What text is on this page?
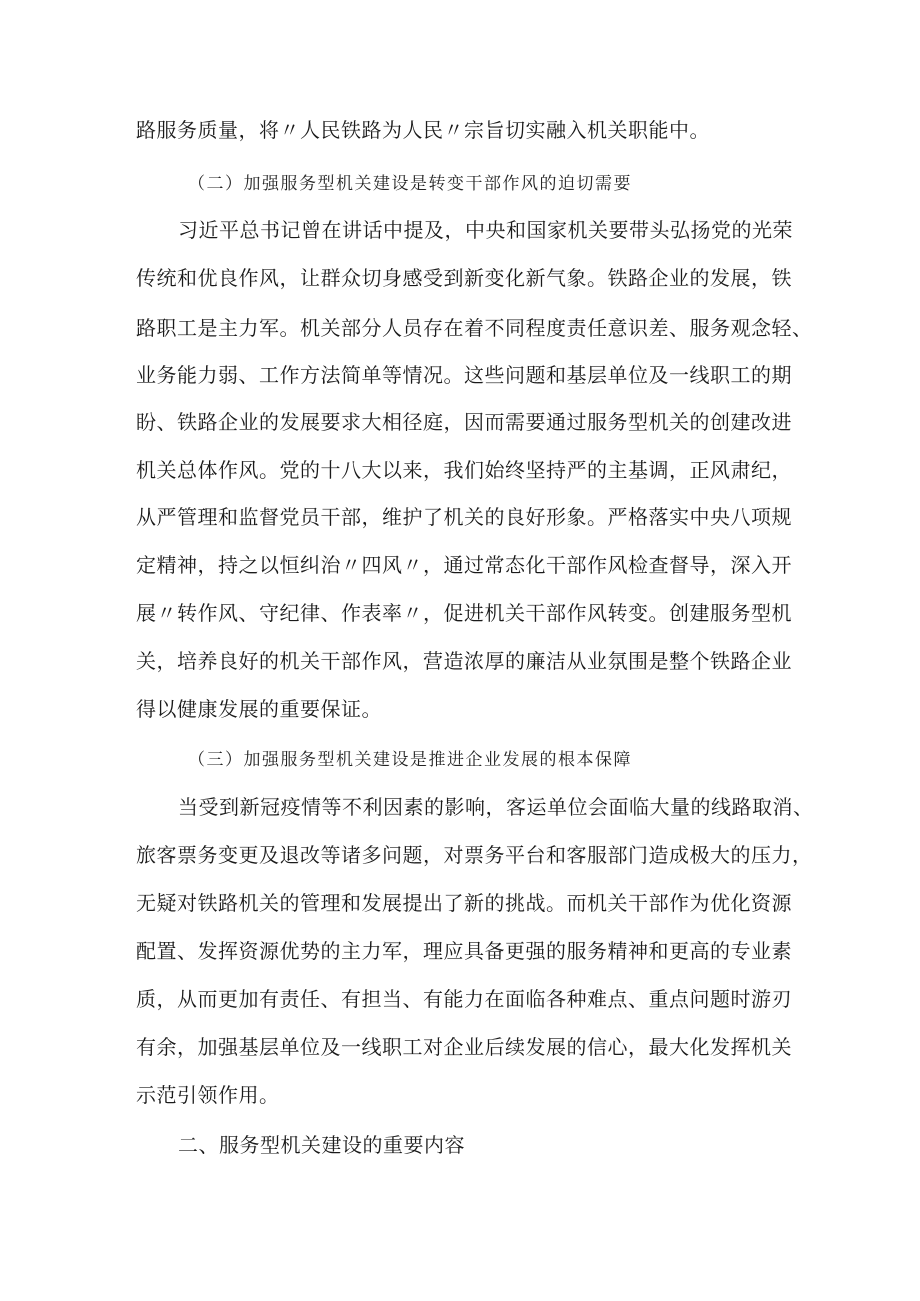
路服务质量，将〃人民铁路为人民〃宗旨切实融入机关职能中。
（二）加强服务型机关建设是转变干部作风的迫切需要
习近平总书记曾在讲话中提及，中央和国家机关要带头弘扬党的光荣
传统和优良作风，让群众切身感受到新变化新气象。铁路企业的发展，铁
路职工是主力军。机关部分人员存在着不同程度责任意识差、服务观念轻、
业务能力弱、工作方法简单等情况。这些问题和基层单位及一线职工的期
盼、铁路企业的发展要求大相径庭，因而需要通过服务型机关的创建改进
机关总体作风。党的十八大以来，我们始终坚持严的主基调，正风肃纪，
从严管理和监督党员干部，维护了机关的良好形象。严格落实中央八项规
定精神，持之以恒纠治〃四风〃，通过常态化干部作风检查督导，深入开
展〃转作风、守纪律、作表率〃，促进机关干部作风转变。创建服务型机
关，培养良好的机关干部作风，营造浓厚的廉洁从业氛围是整个铁路企业
得以健康发展的重要保证。
（三）加强服务型机关建设是推进企业发展的根本保障
当受到新冠疫情等不利因素的影响，客运单位会面临大量的线路取消、
旅客票务变更及退改等诸多问题，对票务平台和客服部门造成极大的压力，
无疑对铁路机关的管理和发展提出了新的挑战。而机关干部作为优化资源
配置、发挥资源优势的主力军，理应具备更强的服务精神和更高的专业素
质，从而更加有责任、有担当、有能力在面临各种难点、重点问题时游刃
有余，加强基层单位及一线职工对企业后续发展的信心，最大化发挥机关
示范引领作用。
二、服务型机关建设的重要内容
